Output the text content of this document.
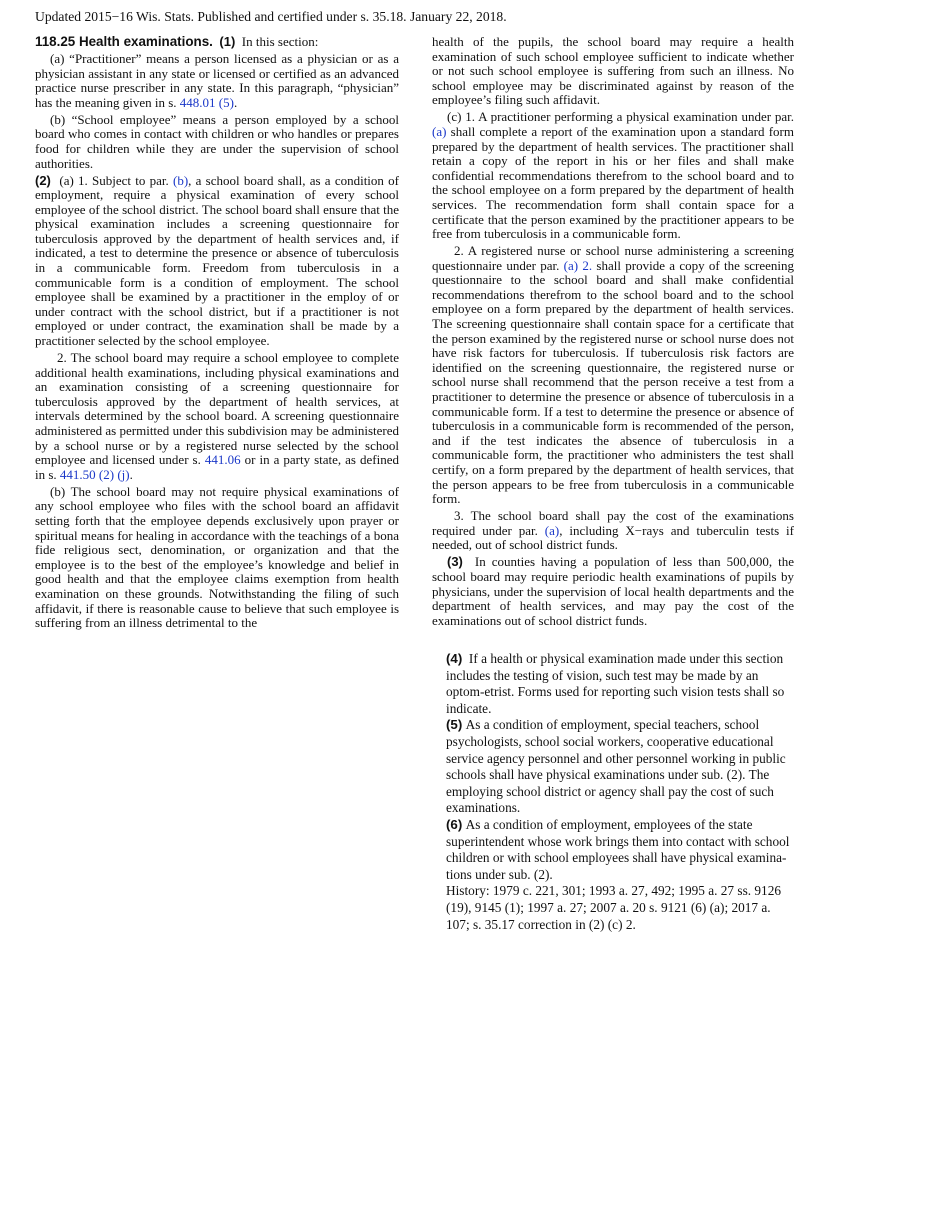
Updated 2015−16 Wis. Stats. Published and certified under s. 35.18. January 22, 2018.

118.25 Health examinations. (1) In this section:

(a) “Practitioner” means a person licensed as a physician or as a physician assistant in any state or licensed or certified as an advanced practice nurse prescriber in any state. In this paragraph, “physician” has the meaning given in s. 448.01 (5).

(b) “School employee” means a person employed by a school board who comes in contact with children or who handles or prepares food for children while they are under the supervision of school authorities.

(2) (a) 1. Subject to par. (b), a school board shall, as a condition of employment, require a physical examination of every school employee of the school district. The school board shall ensure that the physical examination includes a screening questionnaire for tuberculosis approved by the department of health services and, if indicated, a test to determine the presence or absence of tuberculosis in a communicable form. Freedom from tuberculosis in a communicable form is a condition of employment. The school employee shall be examined by a practitioner in the employ of or under contract with the school district, but if a practitioner is not employed or under contract, the examination shall be made by a practitioner selected by the school employee.

2. The school board may require a school employee to complete additional health examinations, including physical examinations and an examination consisting of a screening questionnaire for tuberculosis approved by the department of health services, at intervals determined by the school board. A screening questionnaire administered as permitted under this subdivision may be administered by a school nurse or by a registered nurse selected by the school employee and licensed under s. 441.06 or in a party state, as defined in s. 441.50 (2) (j).

(b) The school board may not require physical examinations of any school employee who files with the school board an affidavit setting forth that the employee depends exclusively upon prayer or spiritual means for healing in accordance with the teachings of a bona fide religious sect, denomination, or organization and that the employee is to the best of the employee’s knowledge and belief in good health and that the employee claims exemption from health examination on these grounds. Notwithstanding the filing of such affidavit, if there is reasonable cause to believe that such employee is suffering from an illness detrimental to the

health of the pupils, the school board may require a health examination of such school employee sufficient to indicate whether or not such school employee is suffering from such an illness. No school employee may be discriminated against by reason of the employee’s filing such affidavit.

(c) 1. A practitioner performing a physical examination under par. (a) shall complete a report of the examination upon a standard form prepared by the department of health services. The practitioner shall retain a copy of the report in his or her files and shall make confidential recommendations therefrom to the school board and to the school employee on a form prepared by the department of health services. The recommendation form shall contain space for a certificate that the person examined by the practitioner appears to be free from tuberculosis in a communicable form.

2. A registered nurse or school nurse administering a screening questionnaire under par. (a) 2. shall provide a copy of the screening questionnaire to the school board and shall make confidential recommendations therefrom to the school board and to the school employee on a form prepared by the department of health services. The screening questionnaire shall contain space for a certificate that the person examined by the registered nurse or school nurse does not have risk factors for tuberculosis. If tuberculosis risk factors are identified on the screening questionnaire, the registered nurse or school nurse shall recommend that the person receive a test from a practitioner to determine the presence or absence of tuberculosis in a communicable form. If a test to determine the presence or absence of tuberculosis in a communicable form is recommended of the person, and if the test indicates the absence of tuberculosis in a communicable form, the practitioner who administers the test shall certify, on a form prepared by the department of health services, that the person appears to be free from tuberculosis in a communicable form.

3. The school board shall pay the cost of the examinations required under par. (a), including X−rays and tuberculin tests if needed, out of school district funds.

(3) In counties having a population of less than 500,000, the school board may require periodic health examinations of pupils by physicians, under the supervision of local health departments and the department of health services, and may pay the cost of the examinations out of school district funds.

(4) If a health or physical examination made under this section includes the testing of vision, such test may be made by an optom-etrist. Forms used for reporting such vision tests shall so indicate.

(5) As a condition of employment, special teachers, school psychologists, school social workers, cooperative educational service agency personnel and other personnel working in public schools shall have physical examinations under sub. (2). The employing school district or agency shall pay the cost of such examinations.

(6) As a condition of employment, employees of the state superintendent whose work brings them into contact with school children or with school employees shall have physical examina-tions under sub. (2).

History: 1979 c. 221, 301; 1993 a. 27, 492; 1995 a. 27 ss. 9126 (19), 9145 (1); 1997 a. 27; 2007 a. 20 s. 9121 (6) (a); 2017 a. 107; s. 35.17 correction in (2) (c) 2.
